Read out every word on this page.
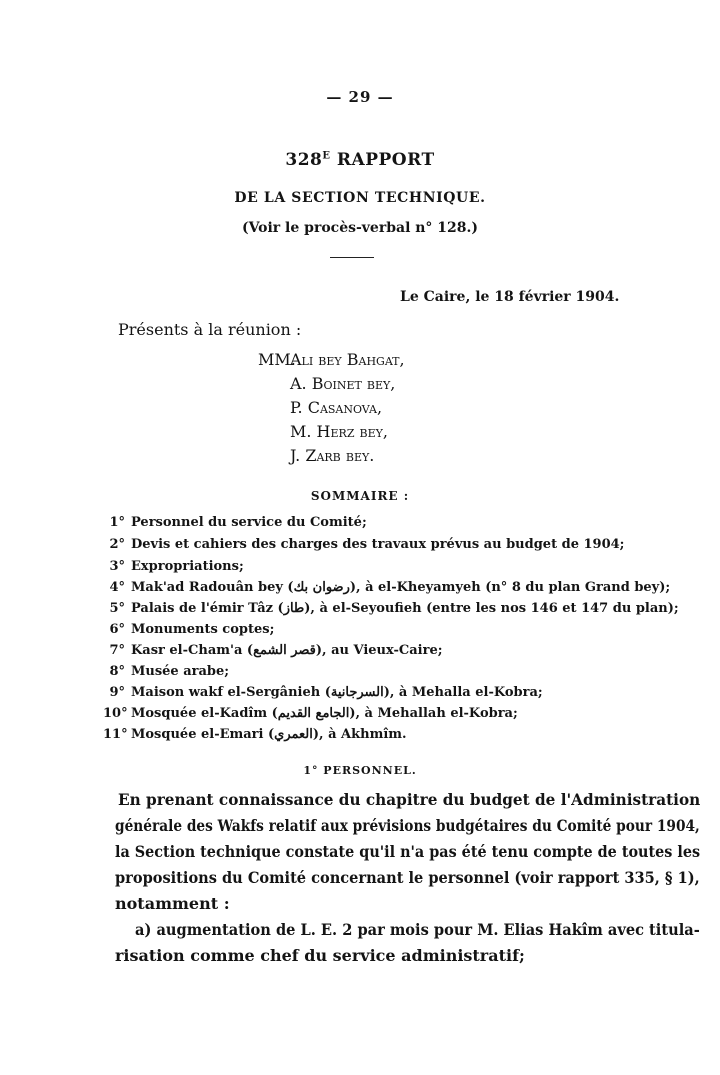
— 29 —
$328^E$ RAPPORT
DE LA SECTION TECHNIQUE.
(Voir le procès-verbal n° 128.)
Le Caire, le 18 février 1904.
Présents à la réunion :
MM.Ali bey Bahgat,
A. Boinet bey,
P. Casanova,
M. Herz bey,
J. Zarb bey.
SOMMAIRE :
1° Personnel du service du Comité;
2° Devis et cahiers des charges des travaux prévus au budget de 1904;
3° Expropriations;
4° Mak'ad Radouân bey (رضوان بك), à el-Kheyamyeh (n° 8 du plan Grand bey);
5° Palais de l'émir Tâz (طاز), à el-Seyoufieh (entre les nos 146 et 147 du plan);
6° Monuments coptes;
7° Kasr el-Cham'a (قصر الشمع), au Vieux-Caire;
8° Musée arabe;
9° Maison wakf el-Sergânieh (السرجانية), à Mehalla el-Kobra;
10° Mosquée el-Kadîm (الجامع القديم), à Mehallah el-Kobra;
11° Mosquée el-Emari (العمري), à Akhmîm.
1° PERSONNEL.
En prenant connaissance du chapitre du budget de l'Administration
générale des Wakfs relatif aux prévisions budgétaires du Comité pour 1904,
la Section technique constate qu'il n'a pas été tenu compte de toutes les
propositions du Comité concernant le personnel (voir rapport 335, § 1),
notamment :
a) augmentation de L. E. 2 par mois pour M. Elias Hakîm avec titula-
risation comme chef du service administratif;
